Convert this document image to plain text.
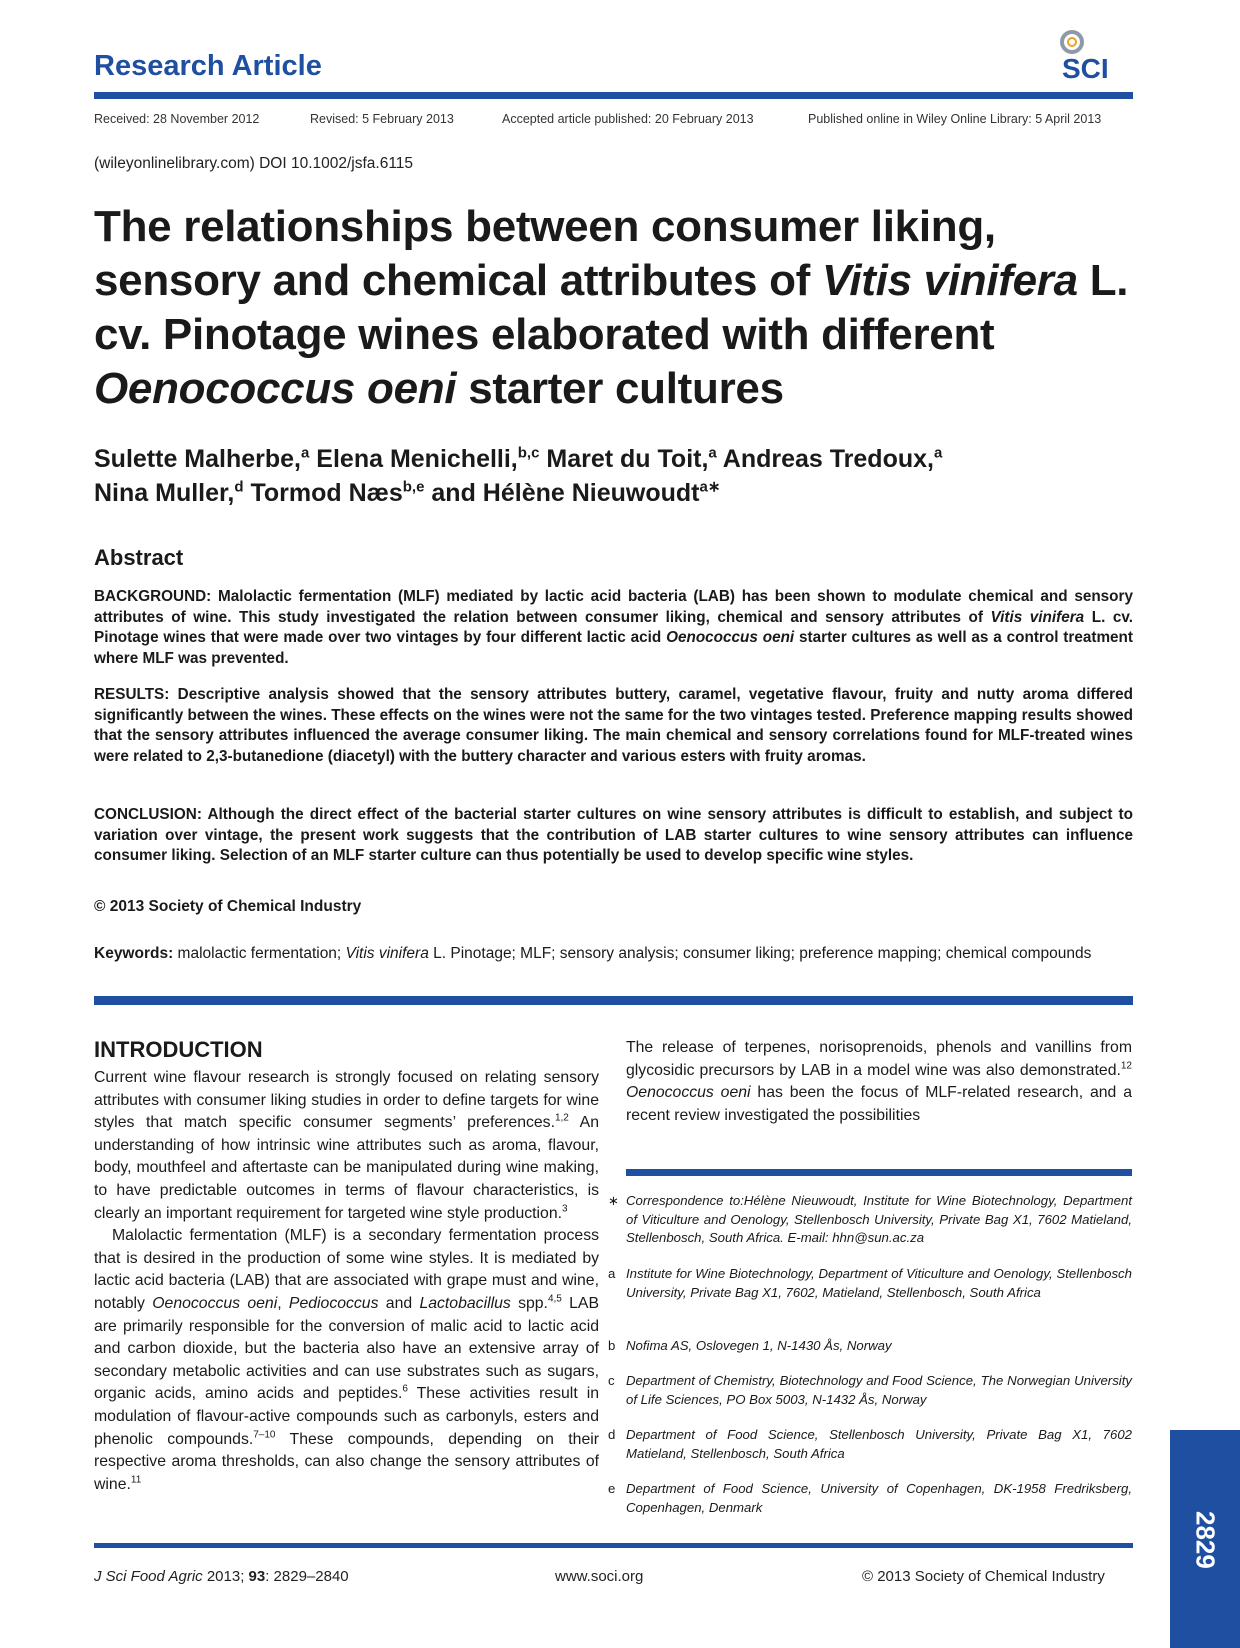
Research Article	SCI
Received: 28 November 2012	Revised: 5 February 2013	Accepted article published: 20 February 2013	Published online in Wiley Online Library: 5 April 2013
(wileyonlinelibrary.com) DOI 10.1002/jsfa.6115
The relationships between consumer liking, sensory and chemical attributes of Vitis vinifera L. cv. Pinotage wines elaborated with different Oenococcus oeni starter cultures
Sulette Malherbe,$^a$ Elena Menichelli,$^{b,c}$ Maret du Toit,$^a$ Andreas Tredoux,$^a$
Nina Muller,$^d$ Tormod Næs$^{b,e}$ and Hélène Nieuwoudt$^{a∗}$
Abstract
BACKGROUND: Malolactic fermentation (MLF) mediated by lactic acid bacteria (LAB) has been shown to modulate chemical and sensory attributes of wine. This study investigated the relation between consumer liking, chemical and sensory attributes of Vitis vinifera L. cv. Pinotage wines that were made over two vintages by four different lactic acid Oenococcus oeni starter cultures as well as a control treatment where MLF was prevented.
RESULTS: Descriptive analysis showed that the sensory attributes buttery, caramel, vegetative flavour, fruity and nutty aroma differed significantly between the wines. These effects on the wines were not the same for the two vintages tested. Preference mapping results showed that the sensory attributes influenced the average consumer liking. The main chemical and sensory correlations found for MLF-treated wines were related to 2,3-butanedione (diacetyl) with the buttery character and various esters with fruity aromas.
CONCLUSION: Although the direct effect of the bacterial starter cultures on wine sensory attributes is difficult to establish, and subject to variation over vintage, the present work suggests that the contribution of LAB starter cultures to wine sensory attributes can influence consumer liking. Selection of an MLF starter culture can thus potentially be used to develop specific wine styles.
© 2013 Society of Chemical Industry
Keywords: malolactic fermentation; Vitis vinifera L. Pinotage; MLF; sensory analysis; consumer liking; preference mapping; chemical compounds
INTRODUCTION

Current wine flavour research is strongly focused on relating sensory attributes with consumer liking studies in order to define targets for wine styles that match specific consumer segments’ preferences.$^{1,2}$ An understanding of how intrinsic wine attributes such as aroma, flavour, body, mouthfeel and aftertaste can be manipulated during wine making, to have predictable outcomes in terms of flavour characteristics, is clearly an important requirement for targeted wine style production.$^3$

Malolactic fermentation (MLF) is a secondary fermentation process that is desired in the production of some wine styles. It is mediated by lactic acid bacteria (LAB) that are associated with grape must and wine, notably Oenococcus oeni, Pediococcus and Lactobacillus spp.$^{4,5}$ LAB are primarily responsible for the conversion of malic acid to lactic acid and carbon dioxide, but the bacteria also have an extensive array of secondary metabolic activities and can use substrates such as sugars, organic acids, amino acids and peptides.$^6$ These activities result in modulation of flavour-active compounds such as carbonyls, esters and phenolic compounds.$^{7-10}$ These compounds, depending on their respective aroma thresholds, can also change the sensory attributes of wine.$^{11}$

The release of terpenes, norisoprenoids, phenols and vanillins from glycosidic precursors by LAB in a model wine was also demonstrated.$^{12}$ Oenococcus oeni has been the focus of MLF-related research, and a recent review investigated the possibilities

∗ Correspondence to:Hélène Nieuwoudt, Institute for Wine Biotechnology, Department of Viticulture and Oenology, Stellenbosch University, Private Bag X1, 7602 Matieland, Stellenbosch, South Africa. E-mail: hhn@sun.ac.za
a Institute for Wine Biotechnology, Department of Viticulture and Oenology, Stellenbosch University, Private Bag X1, 7602, Matieland, Stellenbosch, South Africa
b Nofima AS, Oslovegen 1, N-1430 Ås, Norway
c Department of Chemistry, Biotechnology and Food Science, The Norwegian University of Life Sciences, PO Box 5003, N-1432 Ås, Norway
d Department of Food Science, Stellenbosch University, Private Bag X1, 7602 Matieland, Stellenbosch, South Africa
e Department of Food Science, University of Copenhagen, DK-1958 Fredriksberg, Copenhagen, Denmark
J Sci Food Agric 2013; 93: 2829–2840	www.soci.org	© 2013 Society of Chemical Industry
2829
